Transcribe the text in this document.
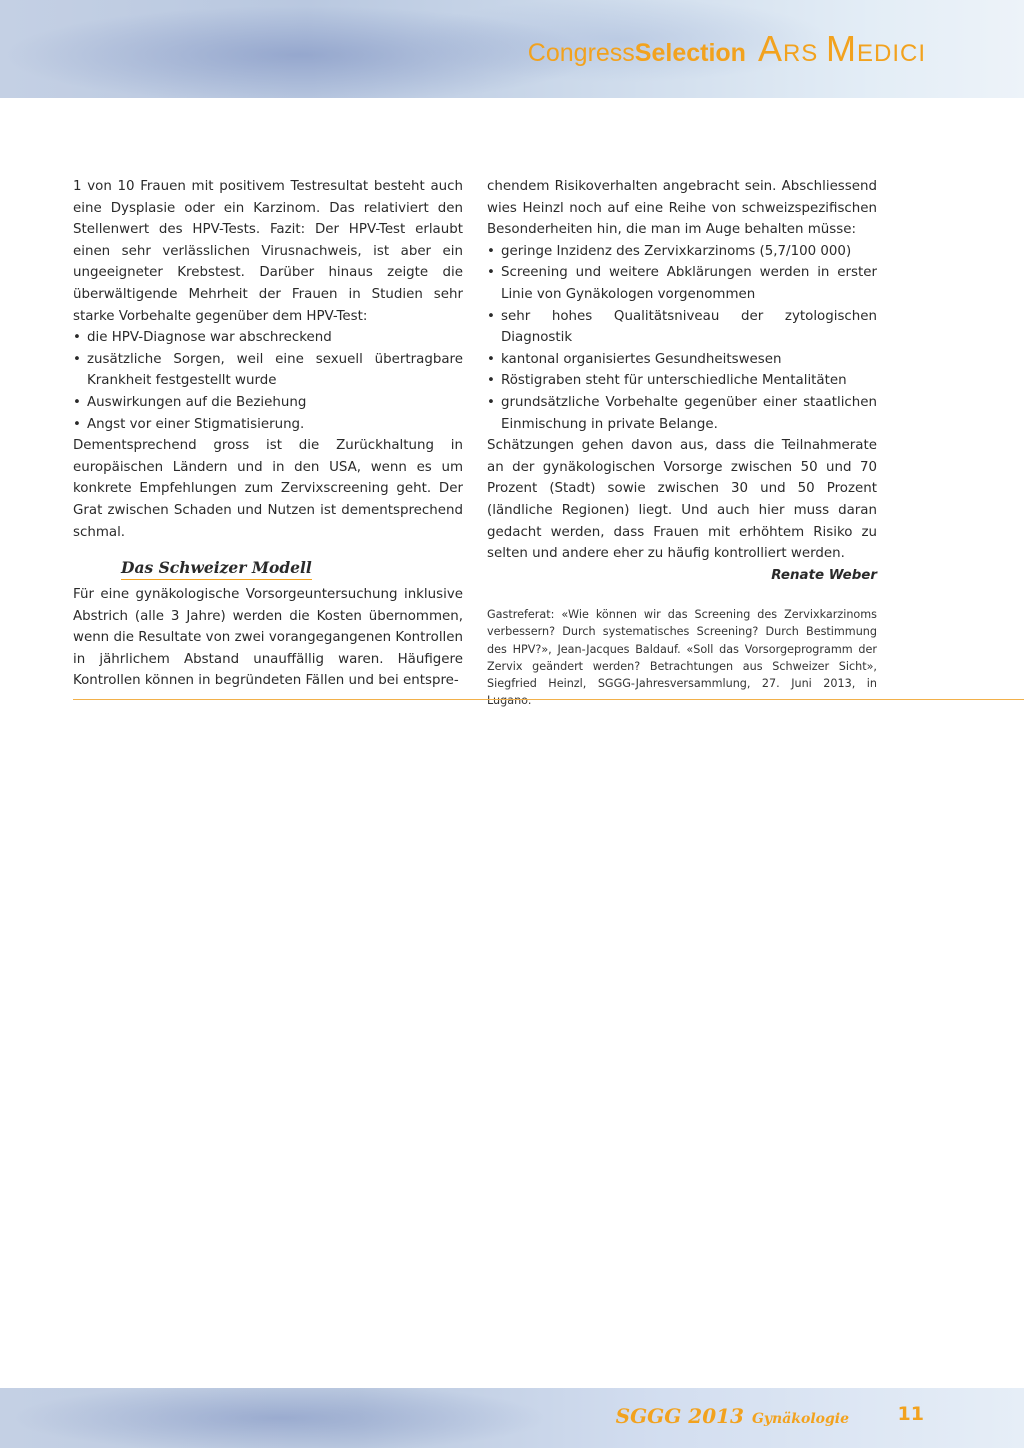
Congress Selection ARS MEDICI

1 von 10 Frauen mit positivem Testresultat besteht auch eine Dysplasie oder ein Karzinom. Das relativiert den Stellenwert des HPV-Tests. Fazit: Der HPV-Test erlaubt einen sehr verlässlichen Virusnachweis, ist aber ein ungeeigneter Krebstest. Darüber hinaus zeigte die überwältigende Mehrheit der Frauen in Studien sehr starke Vorbehalte gegenüber dem HPV-Test:

• die HPV-Diagnose war abschreckend
• zusätzliche Sorgen, weil eine sexuell übertragbare Krankheit festgestellt wurde
• Auswirkungen auf die Beziehung
• Angst vor einer Stigmatisierung.

Dementsprechend gross ist die Zurückhaltung in europäischen Ländern und in den USA, wenn es um konkrete Empfehlungen zum Zervixscreening geht. Der Grat zwischen Schaden und Nutzen ist dementsprechend schmal.

Das Schweizer Modell

Für eine gynäkologische Vorsorgeuntersuchung inklusive Abstrich (alle 3 Jahre) werden die Kosten übernommen, wenn die Resultate von zwei vorangegangenen Kontrollen in jährlichem Abstand unauffällig waren. Häufigere Kontrollen können in begründeten Fällen und bei entspre-

chendem Risikoverhalten angebracht sein. Abschliessend wies Heinzl noch auf eine Reihe von schweizspezifischen Besonderheiten hin, die man im Auge behalten müsse:

• geringe Inzidenz des Zervixkarzinoms (5,7/100 000)
• Screening und weitere Abklärungen werden in erster Linie von Gynäkologen vorgenommen
• sehr hohes Qualitätsniveau der zytologischen Diagnostik
• kantonal organisiertes Gesundheitswesen
• Röstigraben steht für unterschiedliche Mentalitäten
• grundsätzliche Vorbehalte gegenüber einer staatlichen Einmischung in private Belange.

Schätzungen gehen davon aus, dass die Teilnahmerate an der gynäkologischen Vorsorge zwischen 50 und 70 Prozent (Stadt) sowie zwischen 30 und 50 Prozent (ländliche Regionen) liegt. Und auch hier muss daran gedacht werden, dass Frauen mit erhöhtem Risiko zu selten und andere eher zu häufig kontrolliert werden.

Renate Weber
Gastreferat: «Wie können wir das Screening des Zervixkarzinoms verbessern? Durch systematisches Screening? Durch Bestimmung des HPV?», Jean-Jacques Baldauf. «Soll das Vorsorgeprogramm der Zervix geändert werden? Betrachtungen aus Schweizer Sicht», Siegfried Heinzl, SGGG-Jahresversammlung, 27. Juni 2013, in Lugano.
SGGG 2013 Gynäkologie	11
